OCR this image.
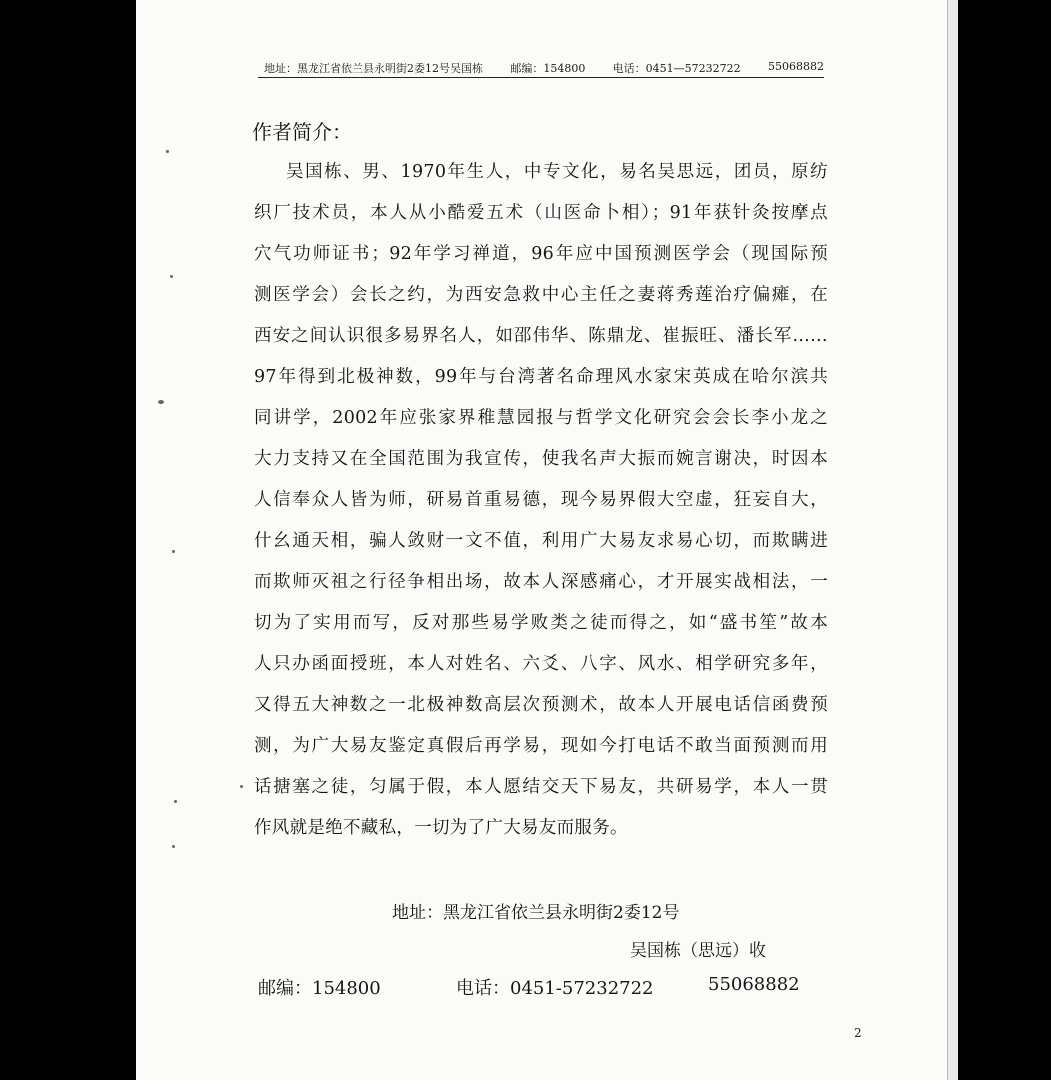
地址：黑龙江省依兰县永明街2委12号吴国栋 邮编：154800 电话：0451—57232722 55068882
作者简介：
吴国栋、男、1970年生人，中专文化，易名吴思远，团员，原纺
织厂技术员，本人从小酷爱五术（山医命卜相）；91年获针灸按摩点
穴气功师证书；92年学习禅道，96年应中国预测医学会（现国际预
测医学会）会长之约，为西安急救中心主任之妻蒋秀莲治疗偏瘫，在
西安之间认识很多易界名人，如邵伟华、陈鼎龙、崔振旺、潘长军……
97年得到北极神数，99年与台湾著名命理风水家宋英成在哈尔滨共
同讲学，2002年应张家界稚慧园报与哲学文化研究会会长李小龙之
大力支持又在全国范围为我宣传，使我名声大振而婉言谢决，时因本
人信奉众人皆为师，研易首重易德，现今易界假大空虚，狂妄自大，
什幺通天相，骗人敛财一文不值，利用广大易友求易心切，而欺瞒进
而欺师灭祖之行径争相出场，故本人深感痛心，才开展实战相法，一
切为了实用而写，反对那些易学败类之徒而得之，如“盛书笙”故本
人只办函面授班，本人对姓名、六爻、八字、风水、相学研究多年，
又得五大神数之一北极神数高层次预测术，故本人开展电话信函费预
测，为广大易友鉴定真假后再学易，现如今打电话不敢当面预测而用
话搪塞之徒，匀属于假，本人愿结交天下易友，共研易学，本人一贯
作风就是绝不藏私，一切为了广大易友而服务。
地址：黑龙江省依兰县永明街2委12号
吴国栋（思远）收
邮编：154800	电话：0451-57232722	55068882
2
